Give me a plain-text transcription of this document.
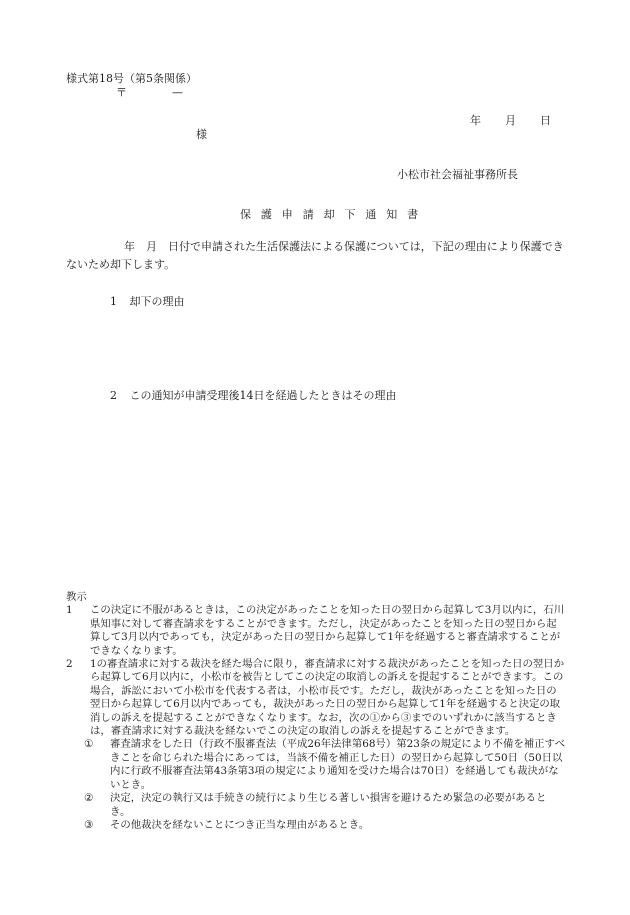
様式第18号（第5条関係）
〒	—
年 月 日
様
小松市社会福祉事務所長
保 護 申 請 却 下 通 知 書
年　月　日付で申請された生活保護法による保護については，下記の理由により保護できないため却下します。
1 却下の理由
2 この通知が申請受理後14日を経過したときはその理由
教示

1 この決定に不服があるときは，この決定があったことを知った日の翌日から起算して3月以内に，石川県知事に対して審査請求をすることができます。ただし，決定があったことを知った日の翌日から起算して3月以内であっても，決定があった日の翌日から起算して1年を経過すると審査請求することができなくなります。

2 1の審査請求に対する裁決を経た場合に限り，審査請求に対する裁決があったことを知った日の翌日から起算して6月以内に，小松市を被告としてこの決定の取消しの訴えを提起することができます。この場合，訴訟において小松市を代表する者は，小松市長です。ただし，裁決があったことを知った日の翌日から起算して6月以内であっても，裁決があった日の翌日から起算して1年を経過すると決定の取消しの訴えを提起することができなくなります。なお，次の①から③までのいずれかに該当するときは，審査請求に対する裁決を経ないでこの決定の取消しの訴えを提起することができます。

① 審査請求をした日（行政不服審査法（平成26年法律第68号）第23条の規定により不備を補正すべきことを命じられた場合にあっては，当該不備を補正した日）の翌日から起算して50日（50日以内に行政不服審査法第43条第3項の規定により通知を受けた場合は70日）を経過しても裁決がないとき。

② 決定，決定の執行又は手続きの続行により生じる著しい損害を避けるため緊急の必要があるとき。

③ その他裁決を経ないことにつき正当な理由があるとき。
